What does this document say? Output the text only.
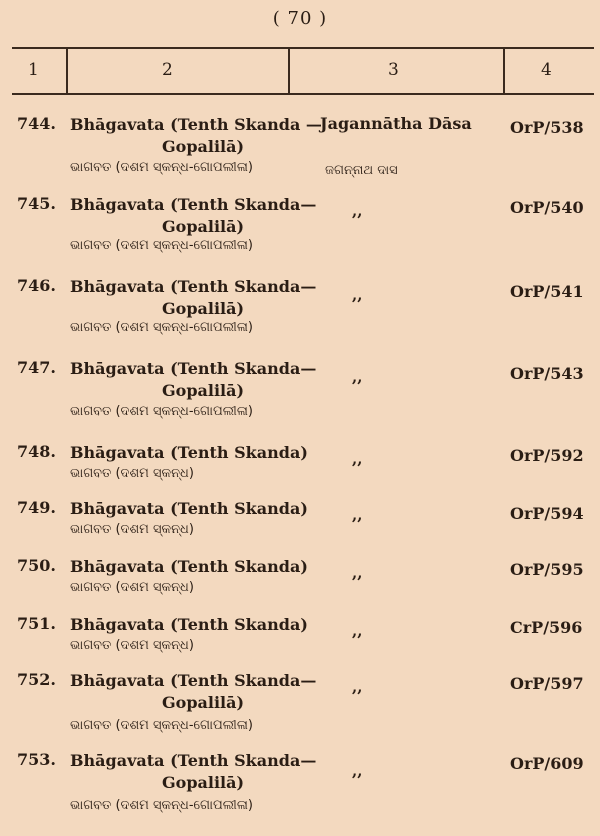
( 70 )
1	2	3	4
744. Bhāgavata (Tenth Skanda —
Gopalilā)
ଭାଗବତ (ଦଶମ ସ୍କନ୍ଧ-ଗୋପଲୀଳା)
Jagannātha Dāsa
ଜଗନ୍ନାଥ ଦାସ
OrP/538
745. Bhāgavata (Tenth Skanda—
Gopalilā)
ଭାଗବତ (ଦଶମ ସ୍କନ୍ଧ-ଗୋପଲୀଳା)
,,	OrP/540
746. Bhāgavata (Tenth Skanda—
Gopalilā)
ଭାଗବତ (ଦଶମ ସ୍କନ୍ଧ-ଗୋପଲୀଳା)
,,	OrP/541
747. Bhāgavata (Tenth Skanda—
Gopalilā)
ଭାଗବତ (ଦଶମ ସ୍କନ୍ଧ-ଗୋପଲୀଳା)
,,	OrP/543
748. Bhāgavata (Tenth Skanda)
ଭାଗବତ (ଦଶମ ସ୍କନ୍ଧ)
,,	OrP/592
749. Bhāgavata (Tenth Skanda)
ଭାଗବତ (ଦଶମ ସ୍କନ୍ଧ)
,,	OrP/594
750. Bhāgavata (Tenth Skanda)
ଭାଗବତ (ଦଶମ ସ୍କନ୍ଧ)
,,	OrP/595
751. Bhāgavata (Tenth Skanda)
ଭାଗବତ (ଦଶମ ସ୍କନ୍ଧ)
,,	CrP/596
752. Bhāgavata (Tenth Skanda—
Gopalilā)
ଭାଗବତ (ଦଶମ ସ୍କନ୍ଧ-ଗୋପଲୀଳା)
,,	OrP/597
753. Bhāgavata (Tenth Skanda—
Gopalilā)
ଭାଗବତ (ଦଶମ ସ୍କନ୍ଧ-ଗୋପଲୀଳା)
,,	OrP/609
